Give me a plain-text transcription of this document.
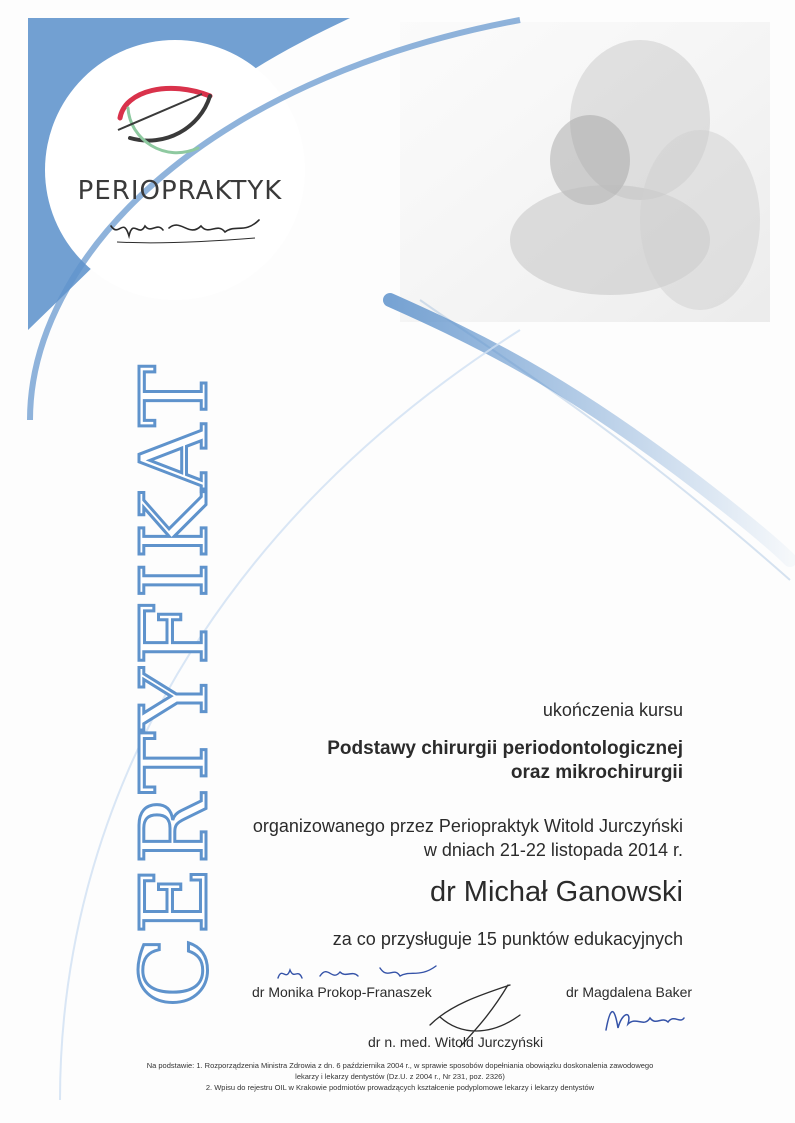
PERIOPRAKTYK
CERTYFIKAT	ukończenia kursu
Podstawy chirurgii periodontologicznej
oraz mikrochirurgii
organizowanego przez Periopraktyk Witold Jurczyński
w dniach 21-22 listopada 2014 r.
dr Michał Ganowski
za co przysługuje 15 punktów edukacyjnych
dr Monika Prokop-Franaszek	dr Magdalena Baker
dr n. med. Witold Jurczyński
Na podstawie: 1. Rozporządzenia Ministra Zdrowia z dn. 6 października 2004 r., w sprawie sposobów dopełniania obowiązku doskonalenia zawodowego
lekarzy i lekarzy dentystów (Dz.U. z 2004 r., Nr 231, poz. 2326)
2. Wpisu do rejestru OIL w Krakowie podmiotów prowadzących kształcenie podyplomowe lekarzy i lekarzy dentystów
